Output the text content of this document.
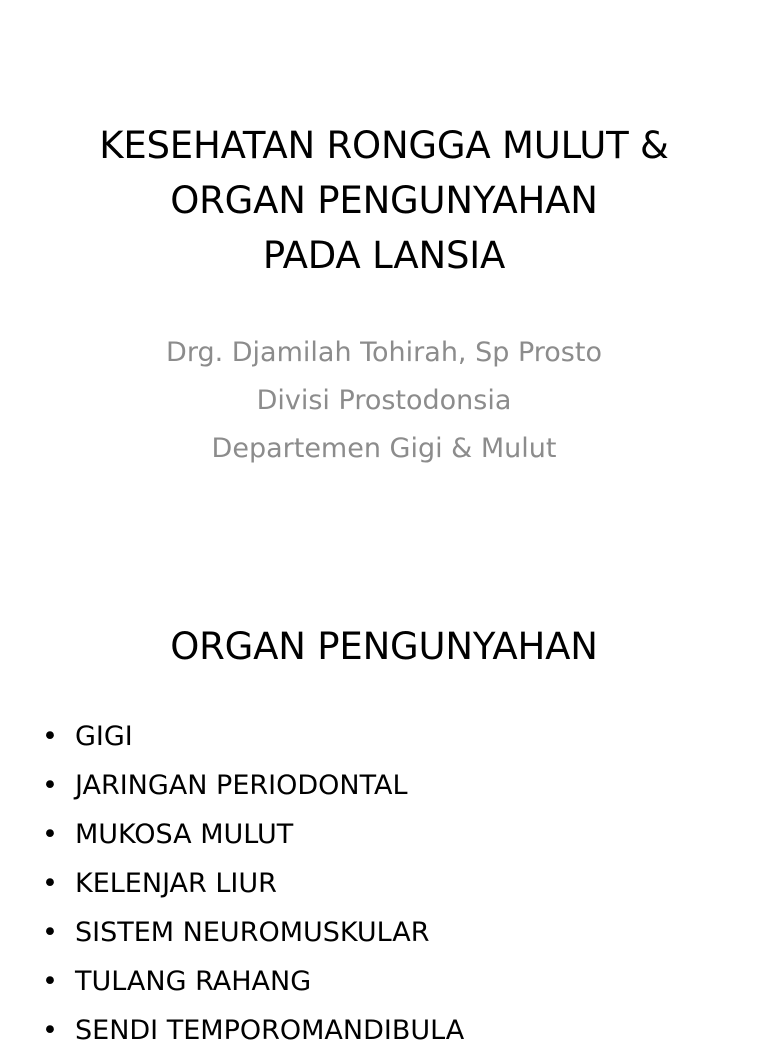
KESEHATAN RONGGA MULUT &
ORGAN PENGUNYAHAN
PADA LANSIA
Drg. Djamilah Tohirah, Sp Prosto
Divisi Prostodonsia
Departemen Gigi & Mulut
ORGAN PENGUNYAHAN
• GIGI
• JARINGAN PERIODONTAL
• MUKOSA MULUT
• KELENJAR LIUR
• SISTEM NEUROMUSKULAR
• TULANG RAHANG
• SENDI TEMPOROMANDIBULA
